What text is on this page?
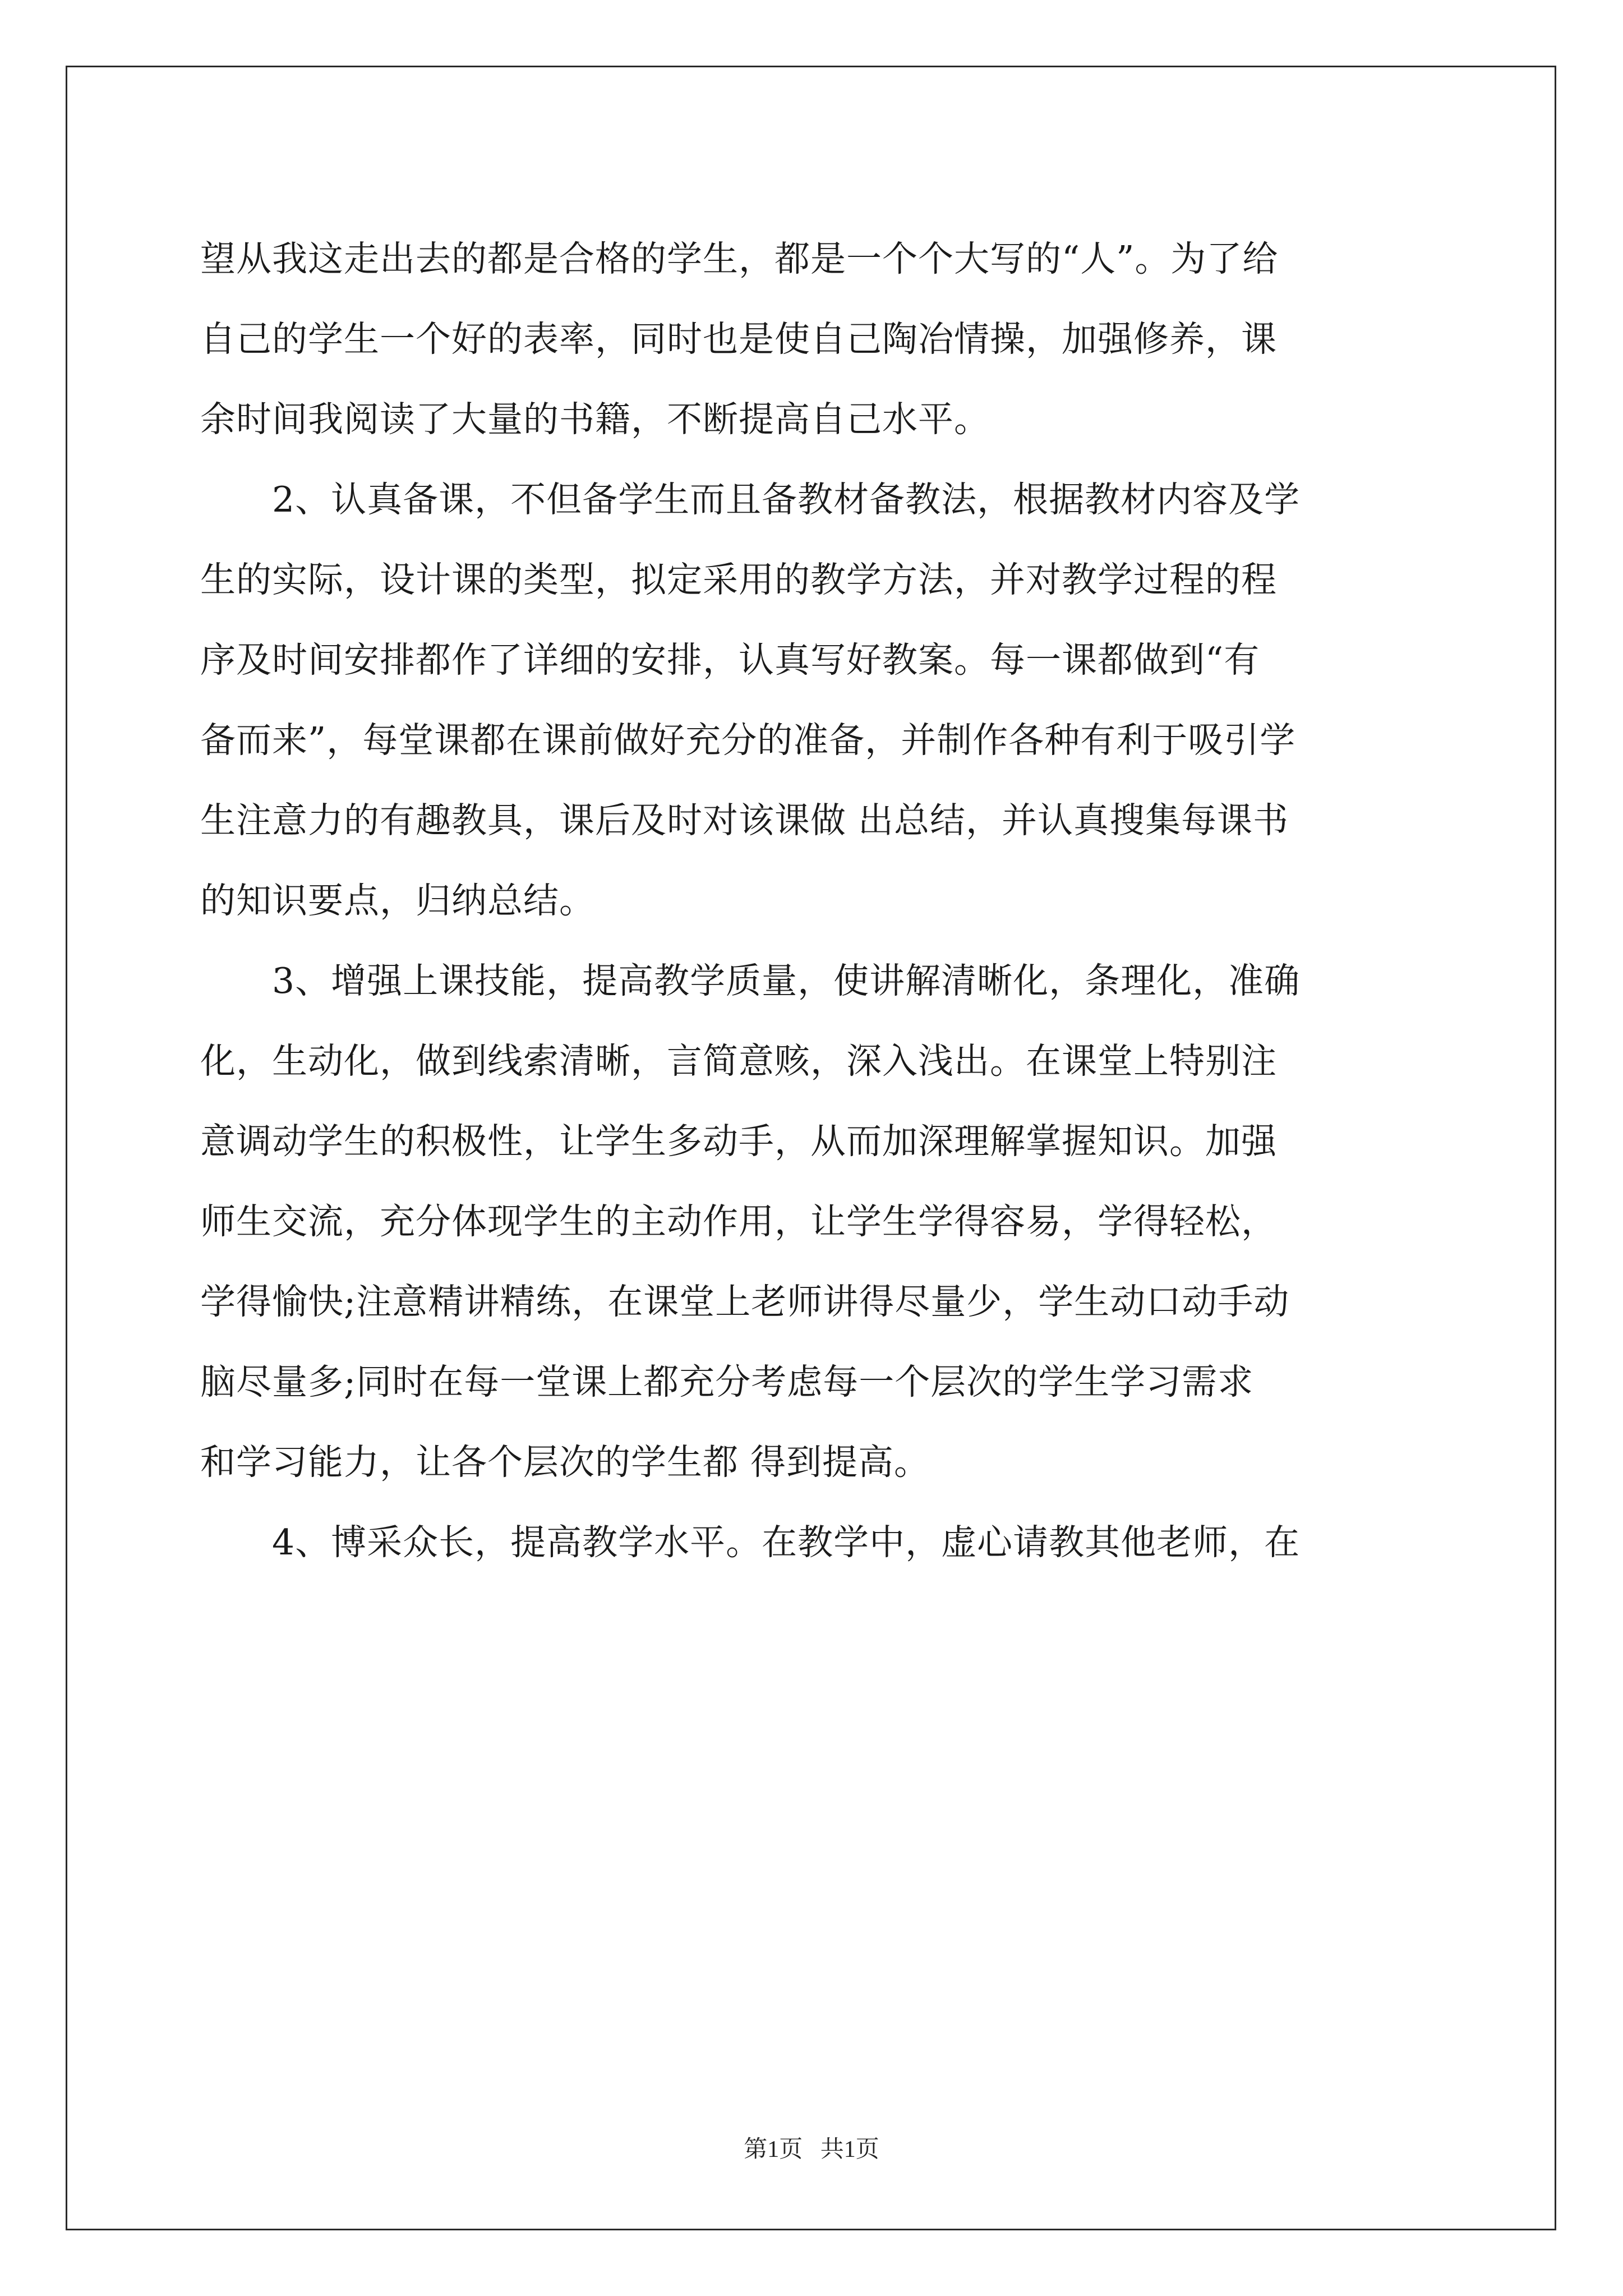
望从我这走出去的都是合格的学生，都是一个个大写的“人”。为了给
自己的学生一个好的表率，同时也是使自己陶冶情操，加强修养，课
余时间我阅读了大量的书籍，不断提高自己水平。

2、认真备课，不但备学生而且备教材备教法，根据教材内容及学
生的实际，设计课的类型，拟定采用的教学方法，并对教学过程的程
序及时间安排都作了详细的安排，认真写好教案。每一课都做到“有
备而来”，每堂课都在课前做好充分的准备，并制作各种有利于吸引学
生注意力的有趣教具，课后及时对该课做 出总结，并认真搜集每课书
的知识要点，归纳总结。

3、增强上课技能，提高教学质量，使讲解清晰化，条理化，准确
化，生动化，做到线索清晰，言简意赅，深入浅出。在课堂上特别注
意调动学生的积极性，让学生多动手，从而加深理解掌握知识。加强
师生交流，充分体现学生的主动作用，让学生学得容易，学得轻松，
学得愉快;注意精讲精练，在课堂上老师讲得尽量少，学生动口动手动
脑尽量多;同时在每一堂课上都充分考虑每一个层次的学生学习需求
和学习能力，让各个层次的学生都 得到提高。

4、博采众长，提高教学水平。在教学中，虚心请教其他老师，在

第1页   共1页
